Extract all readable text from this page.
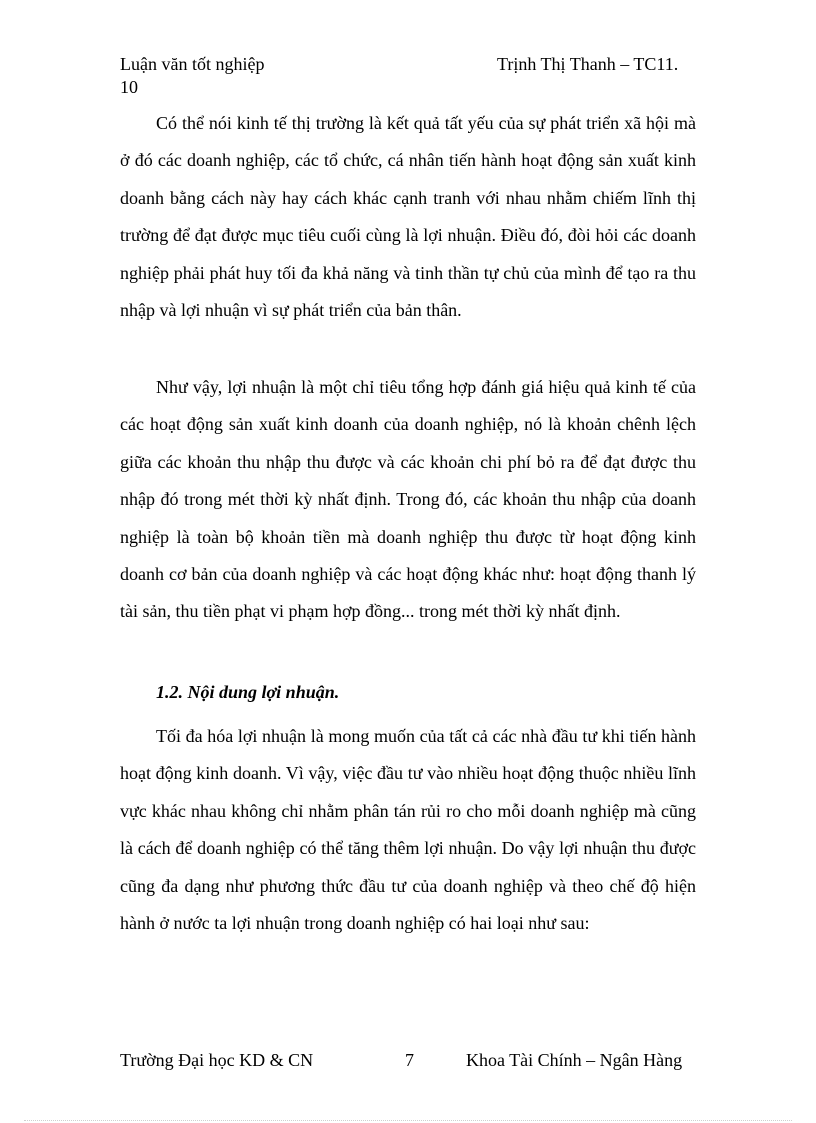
Luận văn tốt nghiệp	Trịnh Thị Thanh – TC11.
10

Có thể nói kinh tế thị trường là kết quả tất yếu của sự phát triển xã hội mà ở đó các doanh nghiệp, các tổ chức, cá nhân tiến hành hoạt động sản xuất kinh doanh bằng cách này hay cách khác cạnh tranh với nhau nhằm chiếm lĩnh thị trường để đạt được mục tiêu cuối cùng là lợi nhuận. Điều đó, đòi hỏi các doanh nghiệp phải phát huy tối đa khả năng và tinh thần tự chủ của mình để tạo ra thu nhập và lợi nhuận vì sự phát triển của bản thân.

Như vậy, lợi nhuận là một chỉ tiêu tổng hợp đánh giá hiệu quả kinh tế của các hoạt động sản xuất kinh doanh của doanh nghiệp, nó là khoản chênh lệch giữa các khoản thu nhập thu được và các khoản chi phí bỏ ra để đạt được thu nhập đó trong mét thời kỳ nhất định. Trong đó, các khoản thu nhập của doanh nghiệp là toàn bộ khoản tiền mà doanh nghiệp thu được từ hoạt động kinh doanh cơ bản của doanh nghiệp và các hoạt động khác như: hoạt động thanh lý tài sản, thu tiền phạt vi phạm hợp đồng... trong mét thời kỳ nhất định.

1.2. Nội dung lợi nhuận.

Tối đa hóa lợi nhuận là mong muốn của tất cả các nhà đầu tư khi tiến hành hoạt động kinh doanh. Vì vậy, việc đầu tư vào nhiều hoạt động thuộc nhiều lĩnh vực khác nhau không chỉ nhằm phân tán rủi ro cho mỗi doanh nghiệp mà cũng là cách để doanh nghiệp có thể tăng thêm lợi nhuận. Do vậy lợi nhuận thu được cũng đa dạng như phương thức đầu tư của doanh nghiệp và theo chế độ hiện hành ở nước ta lợi nhuận trong doanh nghiệp có hai loại như sau:

Trường Đại học KD & CN	7	Khoa Tài Chính – Ngân Hàng
